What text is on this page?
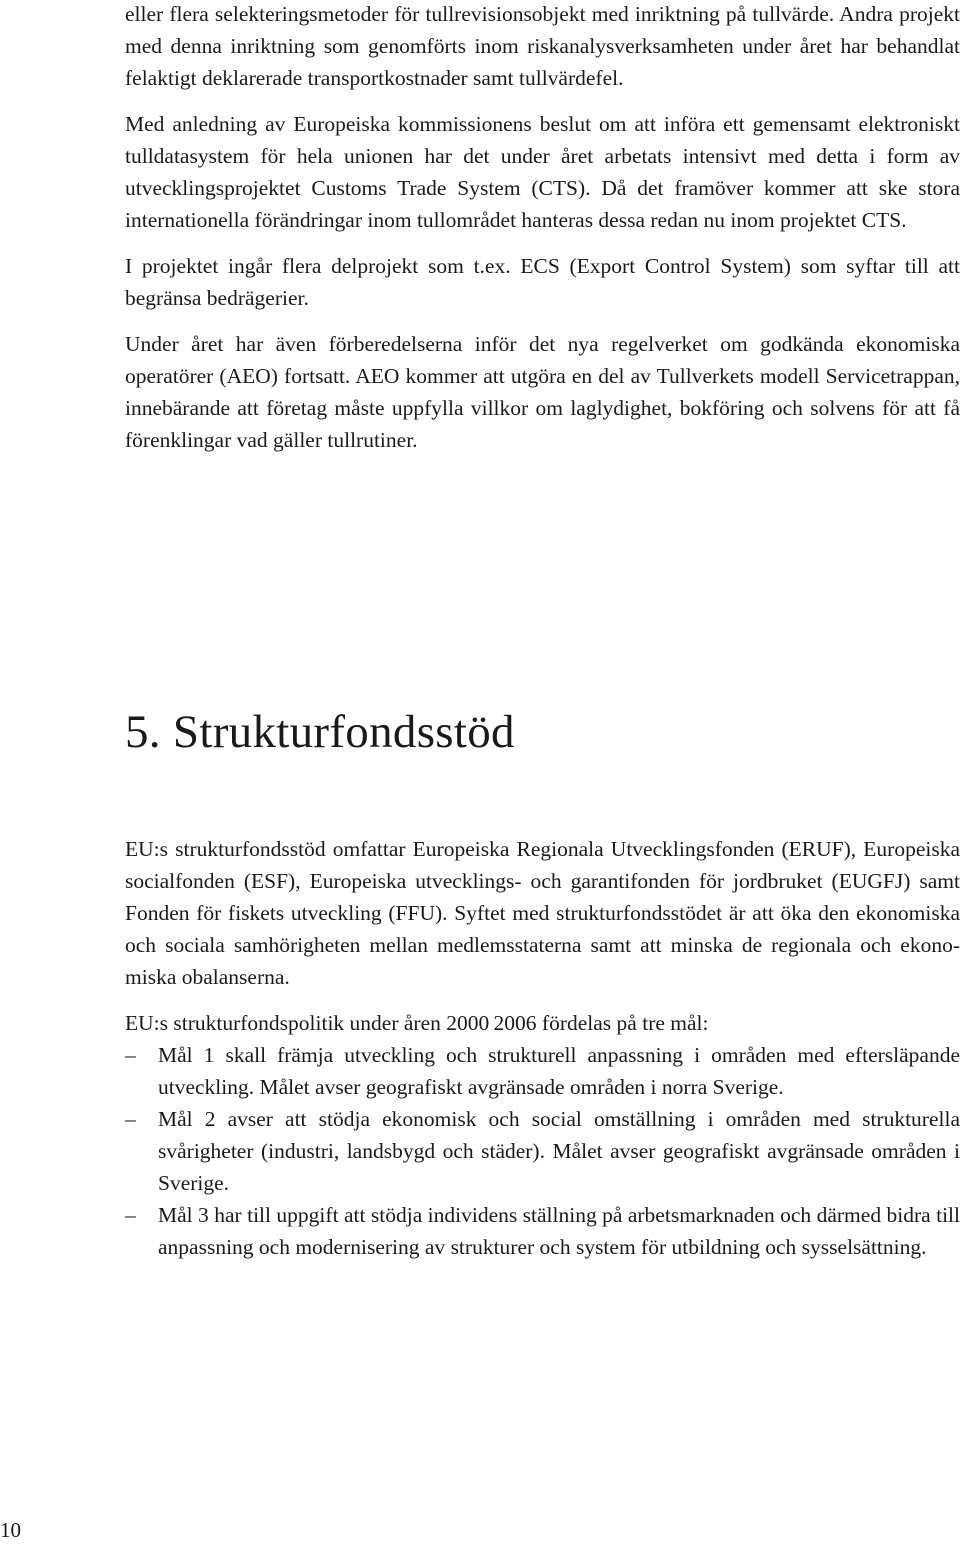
eller flera selekteringsmetoder för tullrevisionsobjekt med inriktning på tullvärde. Andra projekt med denna inriktning som genomförts inom riskanalysverksamheten under året har behandlat felaktigt deklarerade transportkostnader samt tullvärdefel.

Med anledning av Europeiska kommissionens beslut om att införa ett gemensamt elektroniskt tulldatasystem för hela unionen har det under året arbetats intensivt med detta i form av utvecklingsprojektet Customs Trade System (CTS). Då det framöver kommer att ske stora internationella förändringar inom tullområdet hanteras dessa redan nu inom projektet CTS.

I projektet ingår flera delprojekt som t.ex. ECS (Export Control System) som syftar till att begränsa bedrägerier.

Under året har även förberedelserna inför det nya regelverket om godkända ekonomiska operatörer (AEO) fortsatt. AEO kommer att utgöra en del av Tullverkets modell Servicetrappan, innebärande att företag måste uppfylla villkor om laglydighet, bokföring och solvens för att få förenklingar vad gäller tullrutiner.

5. Strukturfondsstöd

EU:s strukturfondsstöd omfattar Europeiska Regionala Utvecklingsfonden (ERUF), Europeiska socialfonden (ESF), Europeiska utvecklings- och garantifonden för jordbruket (EUGFJ) samt Fonden för fiskets utveckling (FFU). Syftet med strukturfondsstödet är att öka den ekonomiska och sociala samhörigheten mellan medlemsstaterna samt att minska de regionala och ekonomiska obalanserna.

EU:s strukturfondspolitik under åren 2000 2006 fördelas på tre mål:

– Mål 1 skall främja utveckling och strukturell anpassning i områden med eftersläpande utveckling. Målet avser geografiskt avgränsade områden i norra Sverige.
– Mål 2 avser att stödja ekonomisk och social omställning i områden med strukturella svårigheter (industri, landsbygd och städer). Målet avser geografiskt avgränsade områden i Sverige.
– Mål 3 har till uppgift att stödja individens ställning på arbetsmarknaden och därmed bidra till anpassning och modernisering av strukturer och system för utbildning och sysselsättning.
10
